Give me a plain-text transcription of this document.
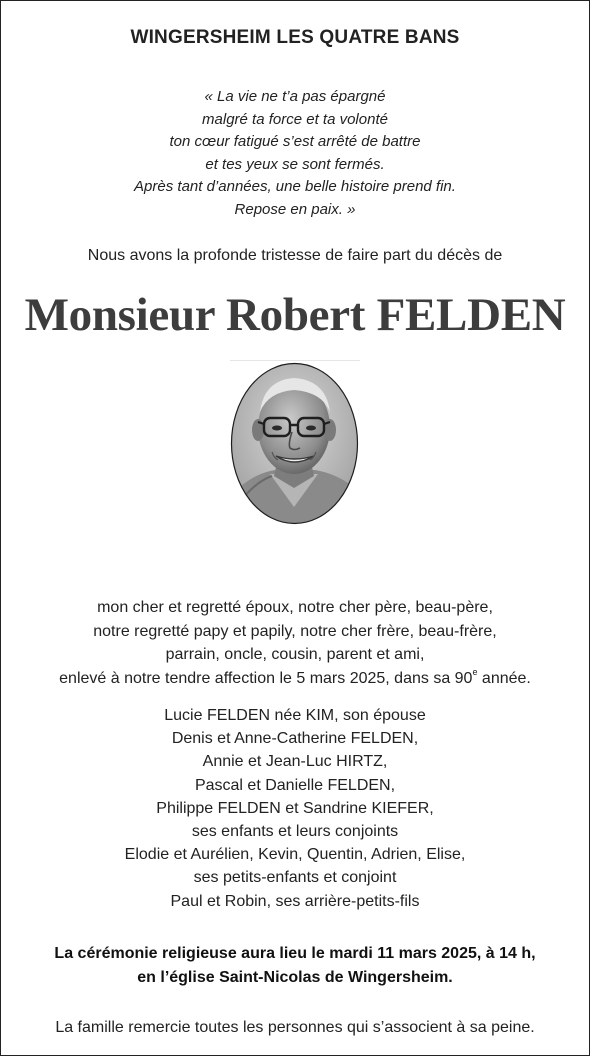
WINGERSHEIM LES QUATRE BANS
« La vie ne t’a pas épargné
malgré ta force et ta volonté
ton cœur fatigué s’est arrêté de battre
et tes yeux se sont fermés.
Après tant d’années, une belle histoire prend fin.
Repose en paix. »
Nous avons la profonde tristesse de faire part du décès de
Monsieur Robert FELDEN
mon cher et regretté époux, notre cher père, beau-père,
notre regretté papy et papily, notre cher frère, beau-frère,
parrain, oncle, cousin, parent et ami,
enlevé à notre tendre affection le 5 mars 2025, dans sa 90e année.
Lucie FELDEN née KIM, son épouse
Denis et Anne-Catherine FELDEN,
Annie et Jean-Luc HIRTZ,
Pascal et Danielle FELDEN,
Philippe FELDEN et Sandrine KIEFER,
ses enfants et leurs conjoints
Elodie et Aurélien, Kevin, Quentin, Adrien, Elise,
ses petits-enfants et conjoint
Paul et Robin, ses arrière-petits-fils
La cérémonie religieuse aura lieu le mardi 11 mars 2025, à 14 h,
en l’église Saint-Nicolas de Wingersheim.
La famille remercie toutes les personnes qui s’associent à sa peine.
